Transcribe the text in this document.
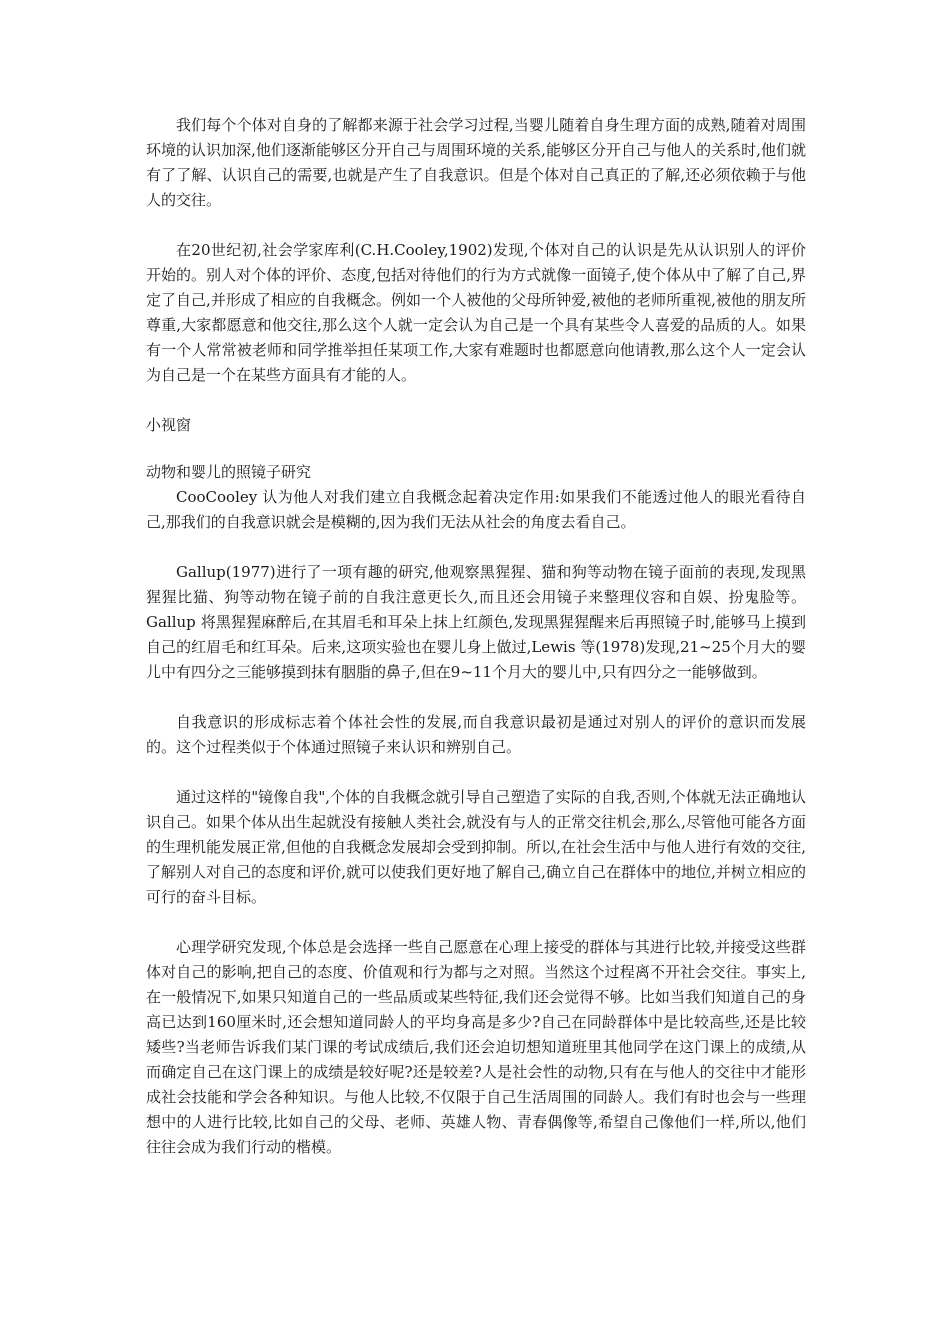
我们每个个体对自身的了解都来源于社会学习过程,当婴儿随着自身生理方面的成熟,随着对周围环境的认识加深,他们逐渐能够区分开自己与周围环境的关系,能够区分开自己与他人的关系时,他们就有了了解、认识自己的需要,也就是产生了自我意识。但是个体对自己真正的了解,还必须依赖于与他人的交往。

在20世纪初,社会学家库利(C.H.Cooley,1902)发现,个体对自己的认识是先从认识别人的评价开始的。别人对个体的评价、态度,包括对待他们的行为方式就像一面镜子,使个体从中了解了自己,界定了自己,并形成了相应的自我概念。例如一个人被他的父母所钟爱,被他的老师所重视,被他的朋友所尊重,大家都愿意和他交往,那么这个人就一定会认为自己是一个具有某些令人喜爱的品质的人。如果有一个人常常被老师和同学推举担任某项工作,大家有难题时也都愿意向他请教,那么这个人一定会认为自己是一个在某些方面具有才能的人。

小视窗

动物和婴儿的照镜子研究

CooCooley 认为他人对我们建立自我概念起着决定作用:如果我们不能透过他人的眼光看待自己,那我们的自我意识就会是模糊的,因为我们无法从社会的角度去看自己。

Gallup(1977)进行了一项有趣的研究,他观察黑猩猩、猫和狗等动物在镜子面前的表现,发现黑猩猩比猫、狗等动物在镜子前的自我注意更长久,而且还会用镜子来整理仪容和自娱、扮鬼脸等。Gallup 将黑猩猩麻醉后,在其眉毛和耳朵上抹上红颜色,发现黑猩猩醒来后再照镜子时,能够马上摸到自己的红眉毛和红耳朵。后来,这项实验也在婴儿身上做过,Lewis 等(1978)发现,21~25个月大的婴儿中有四分之三能够摸到抹有胭脂的鼻子,但在9~11个月大的婴儿中,只有四分之一能够做到。

自我意识的形成标志着个体社会性的发展,而自我意识最初是通过对别人的评价的意识而发展的。这个过程类似于个体通过照镜子来认识和辨别自己。

通过这样的"镜像自我",个体的自我概念就引导自己塑造了实际的自我,否则,个体就无法正确地认识自己。如果个体从出生起就没有接触人类社会,就没有与人的正常交往机会,那么,尽管他可能各方面的生理机能发展正常,但他的自我概念发展却会受到抑制。所以,在社会生活中与他人进行有效的交往,了解别人对自己的态度和评价,就可以使我们更好地了解自己,确立自己在群体中的地位,并树立相应的可行的奋斗目标。

心理学研究发现,个体总是会选择一些自己愿意在心理上接受的群体与其进行比较,并接受这些群体对自己的影响,把自己的态度、价值观和行为都与之对照。当然这个过程离不开社会交往。事实上,在一般情况下,如果只知道自己的一些品质或某些特征,我们还会觉得不够。比如当我们知道自己的身高已达到160厘米时,还会想知道同龄人的平均身高是多少?自己在同龄群体中是比较高些,还是比较矮些?当老师告诉我们某门课的考试成绩后,我们还会迫切想知道班里其他同学在这门课上的成绩,从而确定自己在这门课上的成绩是较好呢?还是较差?人是社会性的动物,只有在与他人的交往中才能形成社会技能和学会各种知识。与他人比较,不仅限于自己生活周围的同龄人。我们有时也会与一些理想中的人进行比较,比如自己的父母、老师、英雄人物、青春偶像等,希望自己像他们一样,所以,他们往往会成为我们行动的楷模。
